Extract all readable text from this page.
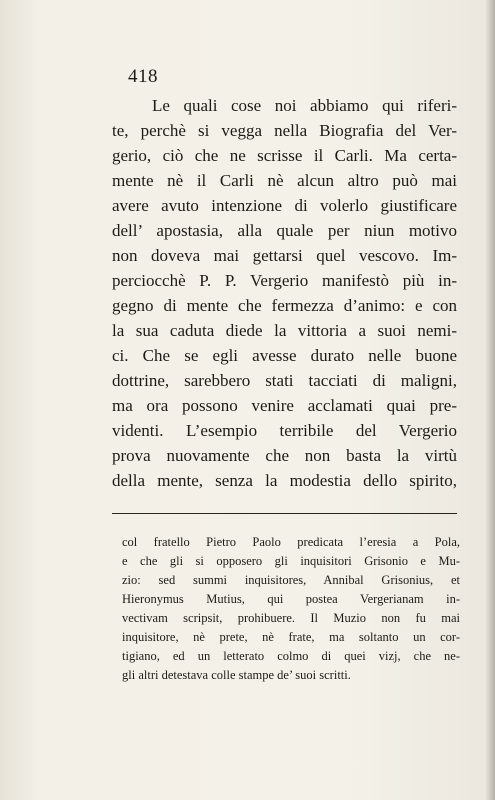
418
Le quali cose noi abbiamo qui riferi-
te, perchè si vegga nella Biografia del Ver-
gerio, ciò che ne scrisse il Carli. Ma certa-
mente nè il Carli nè alcun altro può mai
avere avuto intenzione di volerlo giustificare
dell’ apostasia, alla quale per niun motivo
non doveva mai gettarsi quel vescovo. Im-
perciocchè P. P. Vergerio manifestò più in-
gegno di mente che fermezza d’animo: e con
la sua caduta diede la vittoria a suoi nemi-
ci. Che se egli avesse durato nelle buone
dottrine, sarebbero stati tacciati di maligni,
ma ora possono venire acclamati quai pre-
videnti. L’esempio terribile del Vergerio
prova nuovamente che non basta la virtù
della mente, senza la modestia dello spirito,
col fratello Pietro Paolo predicata l’eresia a Pola,
e che gli si opposero gli inquisitori Grisonio e Mu-
zio: sed summi inquisitores, Annibal Grisonius, et
Hieronymus Mutius, qui postea Vergerianam in-
vectivam scripsit, prohibuere. Il Muzio non fu mai
inquisitore, nè prete, nè frate, ma soltanto un cor-
tigiano, ed un letterato colmo di quei vizj, che ne-
gli altri detestava colle stampe de’ suoi scritti.
